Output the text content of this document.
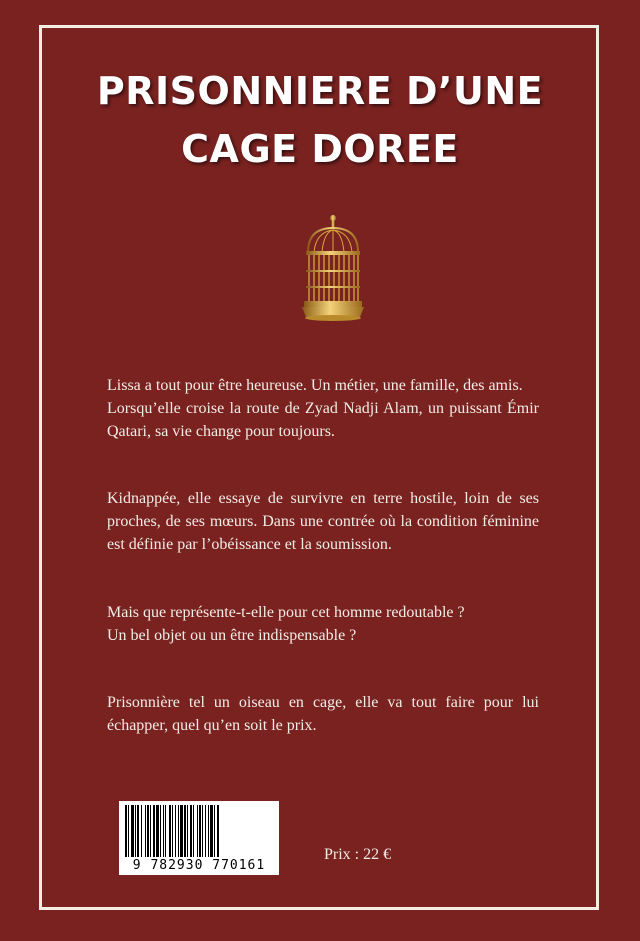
PRISONNIERE D’UNE
CAGE DOREE
Lissa a tout pour être heureuse. Un métier, une famille, des amis.
Lorsqu’elle croise la route de Zyad Nadji Alam, un puissant Émir Qatari, sa vie change pour toujours.
Kidnappée, elle essaye de survivre en terre hostile, loin de ses proches, de ses mœurs. Dans une contrée où la condition féminine est définie par l’obéissance et la soumission.
Mais que représente-t-elle pour cet homme redoutable ?
Un bel objet ou un être indispensable ?
Prisonnière tel un oiseau en cage, elle va tout faire pour lui échapper, quel qu’en soit le prix.
9 782930 770161
Prix : 22 €
